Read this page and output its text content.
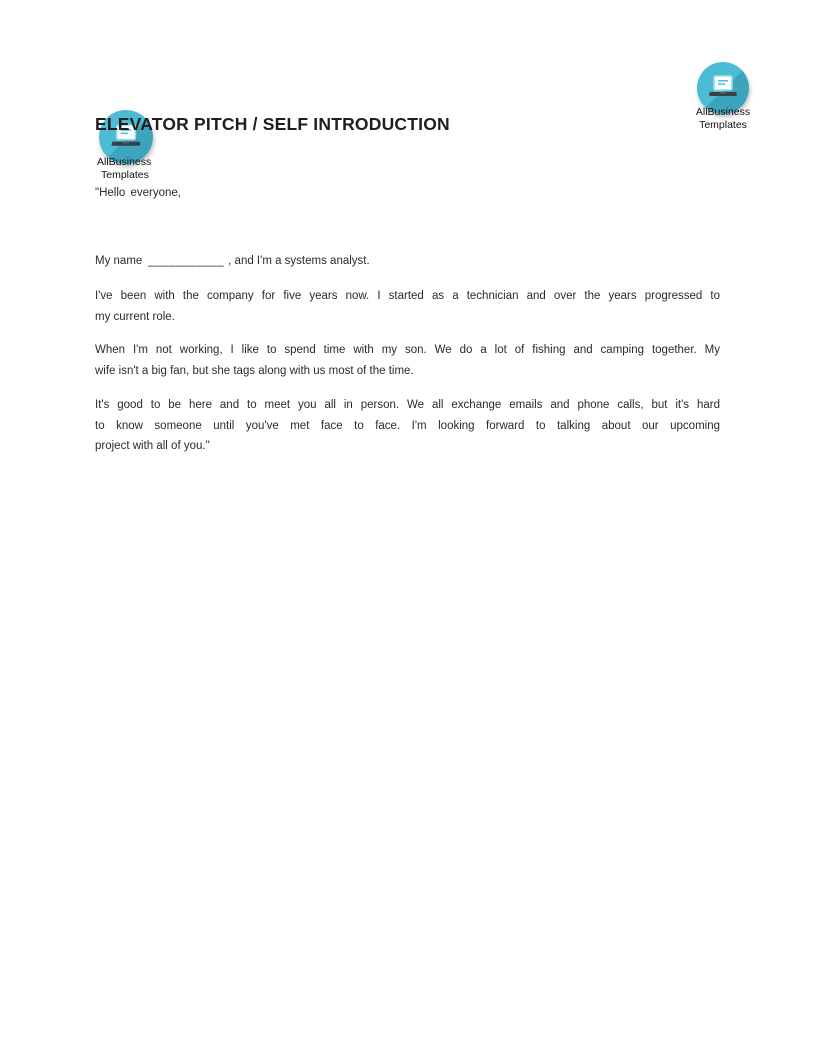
AllBusiness
Templates
ELEVATOR PITCH / SELF INTRODUCTION
AllBusiness
Templates
"Hello everyone,
My name ___________ , and I'm a systems analyst.
I've been with the company for five years now. I started as a technician and over the years progressed to
my current role.
When I'm not working, I like to spend time with my son. We do a lot of fishing and camping together. My
wife isn't a big fan, but she tags along with us most of the time.
It's good to be here and to meet you all in person. We all exchange emails and phone calls, but it's hard
to know someone until you've met face to face. I'm looking forward to talking about our upcoming
project with all of you."
